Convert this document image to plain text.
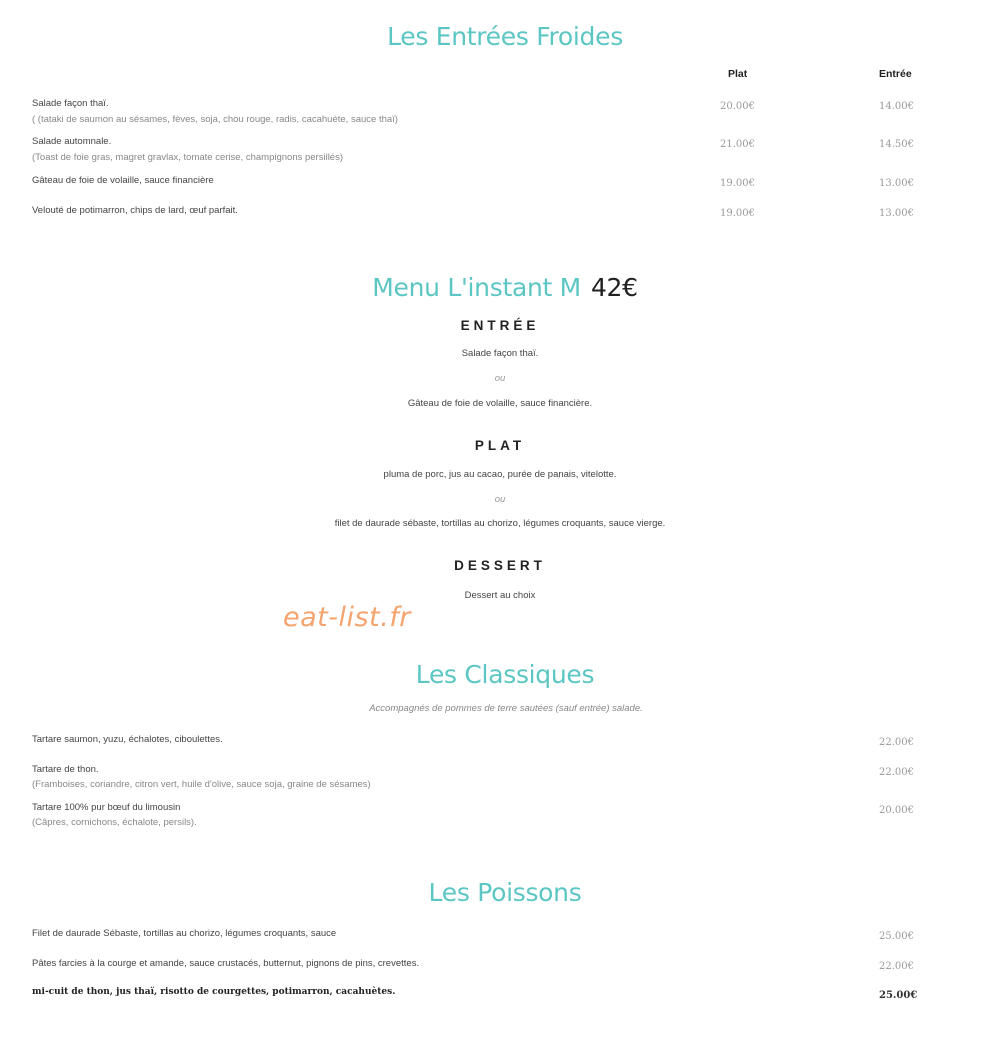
Les Entrées Froides
Plat	Entrée
Salade façon thaï.
( (tataki de saumon au sésames, fèves, soja, chou rouge, radis, cacahuète, sauce thaï)
20.00€	14.00€
Salade automnale.
(Toast de foie gras, magret gravlax, tomate cerise, champignons persillés)
21.00€	14.50€
Gâteau de foie de volaille, sauce financière	19.00€	13.00€
Velouté de potimarron, chips de lard, œuf parfait.	19.00€	13.00€
Menu L'instant M 42€
ENTRÉE
Salade façon thaï.
ou
Gâteau de foie de volaille, sauce financière.
PLAT
pluma de porc, jus au cacao, purée de panais, vitelotte.
ou
filet de daurade sébaste, tortillas au chorizo, légumes croquants, sauce vierge.
DESSERT
Dessert au choix
eat-list.fr
Les Classiques
Accompagnés de pommes de terre sautées (sauf entrée) salade.
Tartare saumon, yuzu, échalotes, ciboulettes.	22.00€
Tartare de thon.
(Framboises, coriandre, citron vert, huile d'olive, sauce soja, graine de sésames)
22.00€
Tartare 100% pur bœuf du limousin
(Câpres, cornichons, échalote, persils).
20.00€
Les Poissons
Filet de daurade Sébaste, tortillas au chorizo, légumes croquants, sauce	25.00€
Pâtes farcies à la courge et amande, sauce crustacés, butternut, pignons de pins, crevettes.	22.00€
mi-cuit de thon, jus thaï, risotto de courgettes, potimarron, cacahuètes.	25.00€
